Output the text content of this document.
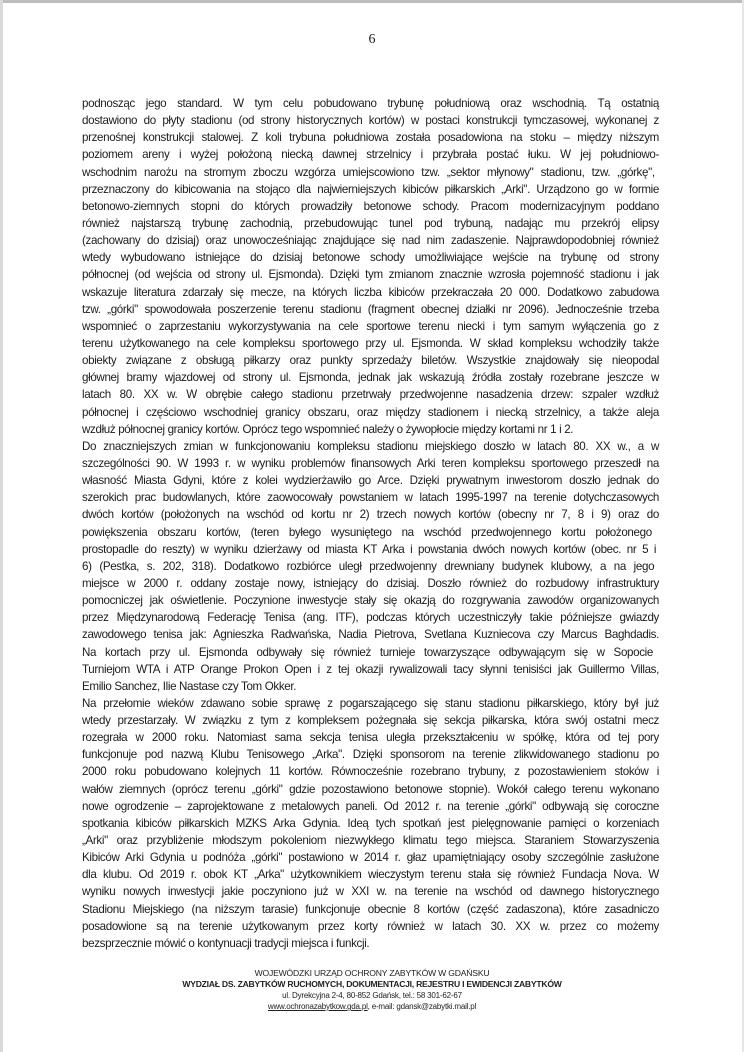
6
podnosząc jego standard. W tym celu pobudowano trybunę południową oraz wschodnią. Tą ostatnią
dostawiono do płyty stadionu (od strony historycznych kortów) w postaci konstrukcji tymczasowej, wykonanej z
przenośnej konstrukcji stalowej. Z koli trybuna południowa została posadowiona na stoku – między niższym
poziomem areny i wyżej położoną niecką dawnej strzelnicy i przybrała postać łuku. W jej południowo-
wschodnim narożu na stromym zboczu wzgórza umiejscowiono tzw. „sektor młynowy" stadionu, tzw. „górkę",
przeznaczony do kibicowania na stojąco dla najwierniejszych kibiców piłkarskich „Arki". Urządzono go w formie
betonowo-ziemnych stopni do których prowadziły betonowe schody. Pracom modernizacyjnym poddano
również najstarszą trybunę zachodnią, przebudowując tunel pod trybuną, nadając mu przekrój elipsy
(zachowany do dzisiaj) oraz unowocześniając znajdujące się nad nim zadaszenie. Najprawdopodobniej również
wtedy wybudowano istniejące do dzisiaj betonowe schody umożliwiające wejście na trybunę od strony
północnej (od wejścia od strony ul. Ejsmonda). Dzięki tym zmianom znacznie wzrosła pojemność stadionu i jak
wskazuje literatura zdarzały się mecze, na których liczba kibiców przekraczała 20 000. Dodatkowo zabudowa
tzw. „górki" spowodowała poszerzenie terenu stadionu (fragment obecnej działki nr 2096). Jednocześnie trzeba
wspomnieć o zaprzestaniu wykorzystywania na cele sportowe terenu niecki i tym samym wyłączenia go z
terenu użytkowanego na cele kompleksu sportowego przy ul. Ejsmonda. W skład kompleksu wchodziły także
obiekty związane z obsługą piłkarzy oraz punkty sprzedaży biletów. Wszystkie znajdowały się nieopodal
głównej bramy wjazdowej od strony ul. Ejsmonda, jednak jak wskazują źródła zostały rozebrane jeszcze w
latach 80. XX w. W obrębie całego stadionu przetrwały przedwojenne nasadzenia drzew: szpaler wzdłuż
północnej i częściowo wschodniej granicy obszaru, oraz między stadionem i niecką strzelnicy, a także aleja
wzdłuż północnej granicy kortów. Oprócz tego wspomnieć należy o żywopłocie między kortami nr 1 i 2.
Do znaczniejszych zmian w funkcjonowaniu kompleksu stadionu miejskiego doszło w latach 80. XX w., a w
szczególności 90. W 1993 r. w wyniku problemów finansowych Arki teren kompleksu sportowego przeszedł na
własność Miasta Gdyni, które z kolei wydzierżawiło go Arce. Dzięki prywatnym inwestorom doszło jednak do
szerokich prac budowlanych, które zaowocowały powstaniem w latach 1995-1997 na terenie dotychczasowych
dwóch kortów (położonych na wschód od kortu nr 2) trzech nowych kortów (obecny nr 7, 8 i 9) oraz do
powiększenia obszaru kortów, (teren byłego wysuniętego na wschód przedwojennego kortu położonego
prostopadle do reszty) w wyniku dzierżawy od miasta KT Arka i powstania dwóch nowych kortów (obec. nr 5 i
6) (Pestka, s. 202, 318). Dodatkowo rozbiórce uległ przedwojenny drewniany budynek klubowy, a na jego
miejsce w 2000 r. oddany zostaje nowy, istniejący do dzisiaj. Doszło również do rozbudowy infrastruktury
pomocniczej jak oświetlenie. Poczynione inwestycje stały się okazją do rozgrywania zawodów organizowanych
przez Międzynarodową Federację Tenisa (ang. ITF), podczas których uczestniczyły takie późniejsze gwiazdy
zawodowego tenisa jak: Agnieszka Radwańska, Nadia Pietrova, Svetlana Kuzniecova czy Marcus Baghdadis.
Na kortach przy ul. Ejsmonda odbywały się również turnieje towarzyszące odbywającym się w Sopocie
Turniejom WTA i ATP Orange Prokon Open i z tej okazji rywalizowali tacy słynni tenisiści jak Guillermo Villas,
Emilio Sanchez, Ilie Nastase czy Tom Okker.
Na przełomie wieków zdawano sobie sprawę z pogarszającego się stanu stadionu piłkarskiego, który był już
wtedy przestarzały. W związku z tym z kompleksem pożegnała się sekcja piłkarska, która swój ostatni mecz
rozegrała w 2000 roku. Natomiast sama sekcja tenisa uległa przekształceniu w spółkę, która od tej pory
funkcjonuje pod nazwą Klubu Tenisowego „Arka". Dzięki sponsorom na terenie zlikwidowanego stadionu po
2000 roku pobudowano kolejnych 11 kortów. Równocześnie rozebrano trybuny, z pozostawieniem stoków i
wałów ziemnych (oprócz terenu „górki" gdzie pozostawiono betonowe stopnie). Wokół całego terenu wykonano
nowe ogrodzenie – zaprojektowane z metalowych paneli. Od 2012 r. na terenie „górki" odbywają się coroczne
spotkania kibiców piłkarskich MZKS Arka Gdynia. Ideą tych spotkań jest pielęgnowanie pamięci o korzeniach
„Arki" oraz przybliżenie młodszym pokoleniom niezwykłego klimatu tego miejsca. Staraniem Stowarzyszenia
Kibiców Arki Gdynia u podnóża „górki" postawiono w 2014 r. głaz upamiętniający osoby szczególnie zasłużone
dla klubu. Od 2019 r. obok KT „Arka" użytkownikiem wieczystym terenu stała się również Fundacja Nova. W
wyniku nowych inwestycji jakie poczyniono już w XXI w. na terenie na wschód od dawnego historycznego
Stadionu Miejskiego (na niższym tarasie) funkcjonuje obecnie 8 kortów (część zadaszona), które zasadniczo
posadowione są na terenie użytkowanym przez korty również w latach 30. XX w. przez co możemy
bezsprzecznie mówić o kontynuacji tradycji miejsca i funkcji.
WOJEWÓDZKI URZĄD OCHRONY ZABYTKÓW W GDAŃSKU
WYDZIAŁ DS. ZABYTKÓW RUCHOMYCH, DOKUMENTACJI, REJESTRU I EWIDENCJI ZABYTKÓW
ul. Dyrekcyjna 2-4, 80-852 Gdańsk, tel.: 58 301-62-67
www.ochronazabytkow.gda.pl, e-mail: gdansk@zabytki.mail.pl
